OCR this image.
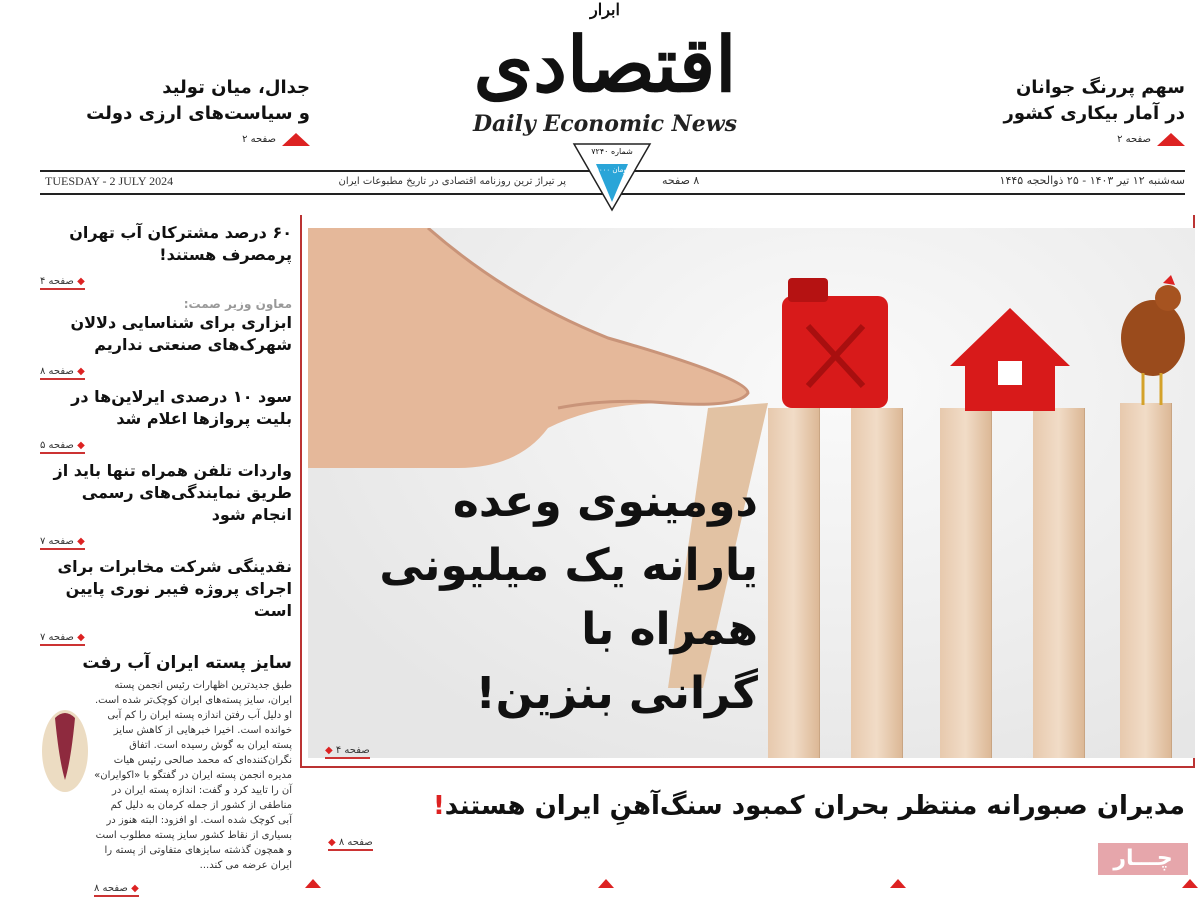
ابرار
اقتصادی
Daily Economic News
سهم پررنگ جوانان
در آمار بیکاری کشور
صفحه ۲
جدال، میان تولید
و سیاست‌های ارزی دولت
صفحه ۲
سه‌شنبه ۱۲ تیر ۱۴۰۳ - ۲۵ ذوالحجه ۱۴۴۵
۸ صفحه
پر تیراژ ترین روزنامه اقتصادی در تاریخ مطبوعات ایران
TUESDAY - 2 JULY 2024
شماره ۷۲۴۰
۵۰۰۰ تومان
۶۰ درصد مشترکان آب تهران پرمصرف هستند!
◆ صفحه ۴
معاون وزیر صمت:
ابزاری برای شناسایی دلالان شهرک‌های صنعتی نداریم
◆ صفحه ۸
سود ۱۰ درصدی ایرلاین‌ها در بلیت پروازها اعلام شد
◆ صفحه ۵
واردات تلفن همراه تنها باید از طریق نمایندگی‌های رسمی انجام شود
◆ صفحه ۷
نقدینگی شرکت مخابرات برای اجرای پروژه فیبر نوری پایین است
◆ صفحه ۷
سایز پسته ایران آب رفت
طبق جدیدترین اظهارات رئیس انجمن پسته ایران، سایز پسته‌های ایران کوچک‌تر شده است. او دلیل آب رفتن اندازه پسته ایران را کم آبی خوانده است. اخیرا خبرهایی از کاهش سایز پسته ایران به گوش رسیده است. اتفاق نگران‌کننده‌ای که محمد صالحی رئیس هیات مدیره انجمن پسته ایران در گفتگو با «اکوایران» آن را تایید کرد و گفت: اندازه پسته ایران در مناطقی از کشور از جمله کرمان به دلیل کم آبی کوچک شده است. او افزود: البته هنوز در بسیاری از نقاط کشور سایز پسته مطلوب است و همچون گذشته سایزهای متفاوتی از پسته را ایران عرضه می کند...
◆ صفحه ۸
دومینوی وعده
یارانه یک میلیونی
همراه با
گرانی بنزین!
◆ صفحه ۴
مدیران صبورانه منتظر بحران کمبود سنگ‌آهنِ ایران هستند!
◆ صفحه ۸
چـــار
